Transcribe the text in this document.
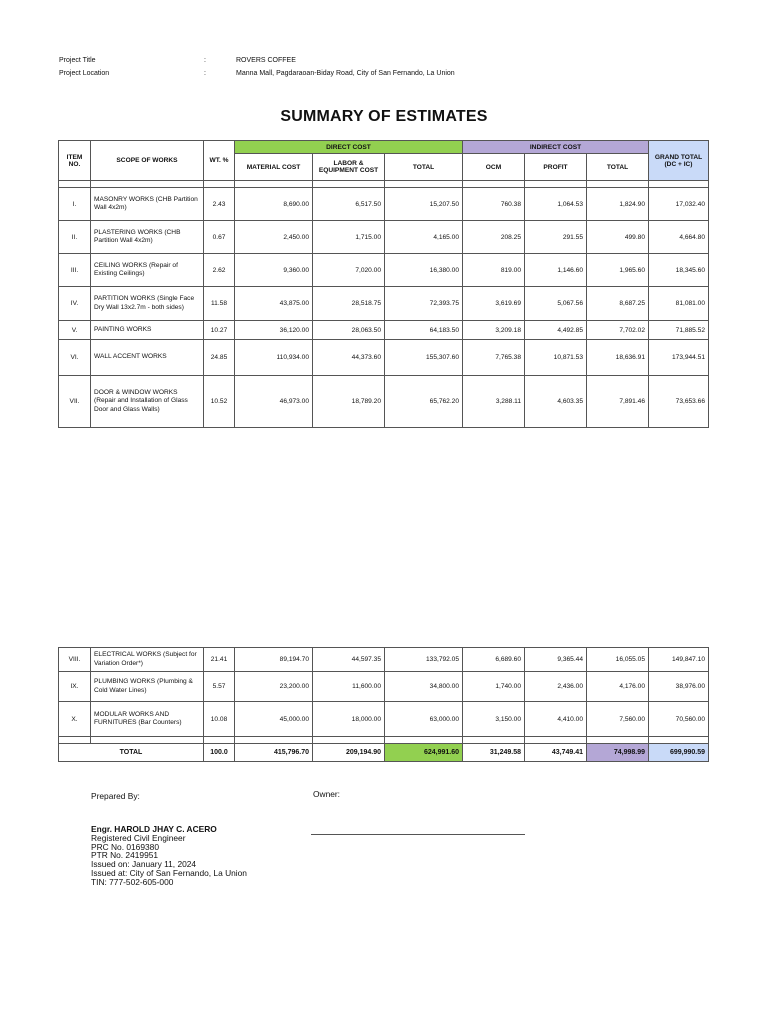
Project Title	:	ROVERS COFFEE
Project Location	:	Manna Mall, Pagdaraoan-Biday Road, City of San Fernando, La Union
SUMMARY OF ESTIMATES
ITEM NO.	SCOPE OF WORKS	WT. %	DIRECT COST			INDIRECT COST			GRAND TOTAL (DC + IC)
			MATERIAL COST	LABOR & EQUIPMENT COST	TOTAL	OCM	PROFIT	TOTAL	

I.	MASONRY WORKS (CHB Partition Wall 4x2m)	2.43	8,690.00	6,517.50	15,207.50	760.38	1,064.53	1,824.90	17,032.40
II.	PLASTERING WORKS (CHB Partition Wall 4x2m)	0.67	2,450.00	1,715.00	4,165.00	208.25	291.55	499.80	4,664.80
III.	CEILING WORKS (Repair of Existing Ceilings)	2.62	9,360.00	7,020.00	16,380.00	819.00	1,146.60	1,965.60	18,345.60
IV.	PARTITION WORKS (Single Face Dry Wall 13x2.7m - both sides)	11.58	43,875.00	28,518.75	72,393.75	3,619.69	5,067.56	8,687.25	81,081.00
V.	PAINTING WORKS	10.27	36,120.00	28,063.50	64,183.50	3,209.18	4,492.85	7,702.02	71,885.52
VI.	WALL ACCENT WORKS	24.85	110,934.00	44,373.60	155,307.60	7,765.38	10,871.53	18,636.91	173,944.51
VII.	DOOR & WINDOW WORKS (Repair and Installation of Glass Door and Glass Walls)	10.52	46,973.00	18,789.20	65,762.20	3,288.11	4,603.35	7,891.46	73,653.66
VIII.	ELECTRICAL WORKS (Subject for Variation Order*)	21.41	89,194.70	44,597.35	133,792.05	6,689.60	9,365.44	16,055.05	149,847.10
IX.	PLUMBING WORKS (Plumbing & Cold Water Lines)	5.57	23,200.00	11,600.00	34,800.00	1,740.00	2,436.00	4,176.00	38,976.00
X.	MODULAR WORKS AND FURNITURES (Bar Counters)	10.08	45,000.00	18,000.00	63,000.00	3,150.00	4,410.00	7,560.00	70,560.00

TOTAL		100.0	415,796.70	209,194.90	624,991.60	31,249.58	43,749.41	74,998.99	699,990.59
Prepared By:	Owner:
Engr. HAROLD JHAY C. ACERO
Registered Civil Engineer
PRC No. 0169380
PTR No. 2419951
Issued on: January 11, 2024
Issued at: City of San Fernando, La Union
TIN: 777-502-605-000
